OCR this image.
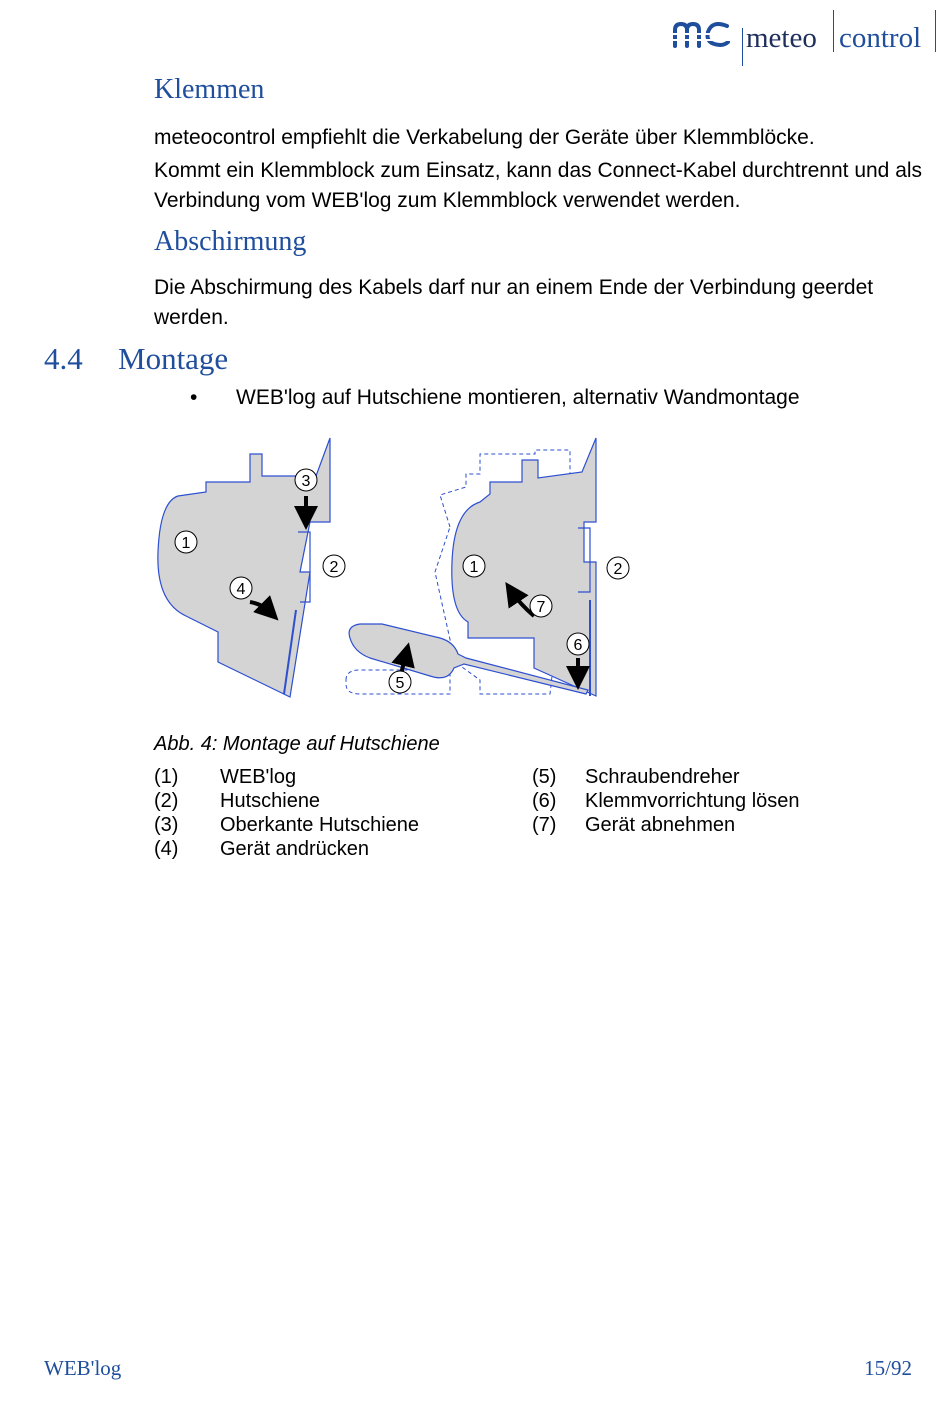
meteo control
Klemmen

meteocontrol empfiehlt die Verkabelung der Geräte über Klemmblöcke.

Kommt ein Klemmblock zum Einsatz, kann das Connect-Kabel durchtrennt und als Verbindung vom WEB'log zum Klemmblock verwendet werden.

Abschirmung

Die Abschirmung des Kabels darf nur an einem Ende der Verbindung geerdet werden.

4.4 Montage
• WEB'log auf Hutschiene montieren, alternativ Wandmontage
1
3
2
4
1	2
7
6
5
Abb. 4: Montage auf Hutschiene
(1) WEB'log
(2) Hutschiene
(3) Oberkante Hutschiene
(4) Gerät andrücken
(5) Schraubendreher
(6) Klemmvorrichtung lösen
(7) Gerät abnehmen
WEB'log	15/92
